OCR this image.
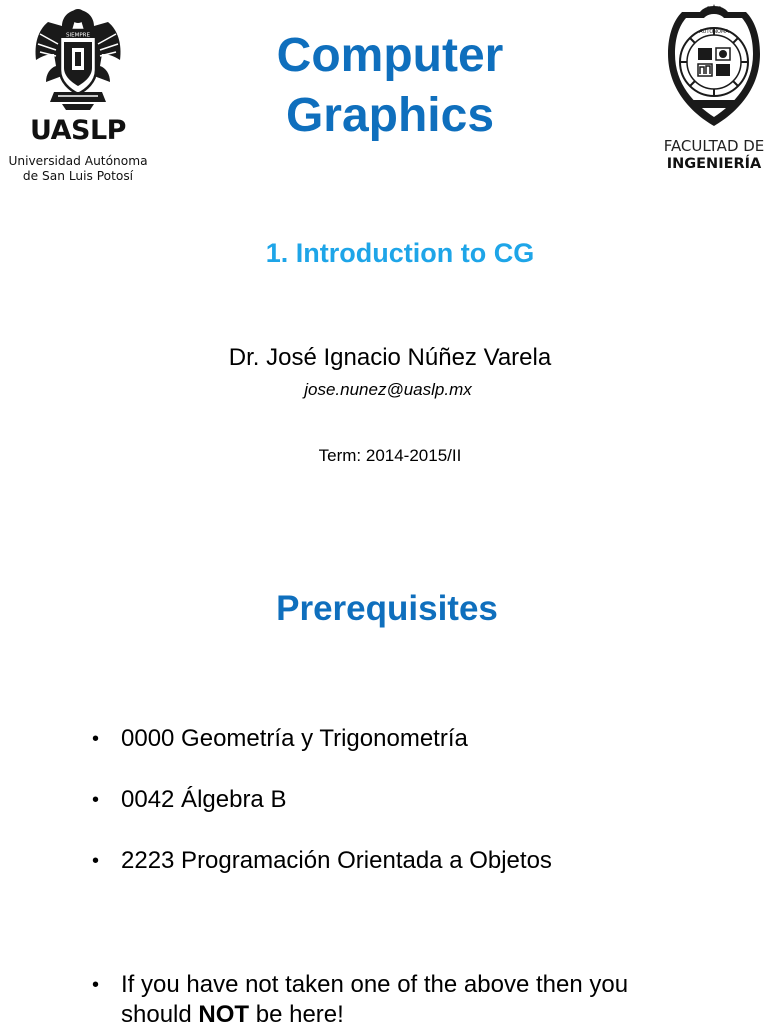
SIEMPRE
UASLP
Universidad Autónoma
de San Luis Potosí
Computer
Graphics
AUTONOMA
FACULTAD DE
INGENIERÍA
1. Introduction to CG
Dr. José Ignacio Núñez Varela
jose.nunez@uaslp.mx
Term: 2014-2015/II
Prerequisites
• 0000 Geometría y Trigonometría
• 0042 Álgebra B
• 2223 Programación Orientada a Objetos
• If you have not taken one of the above then you should NOT be here!
